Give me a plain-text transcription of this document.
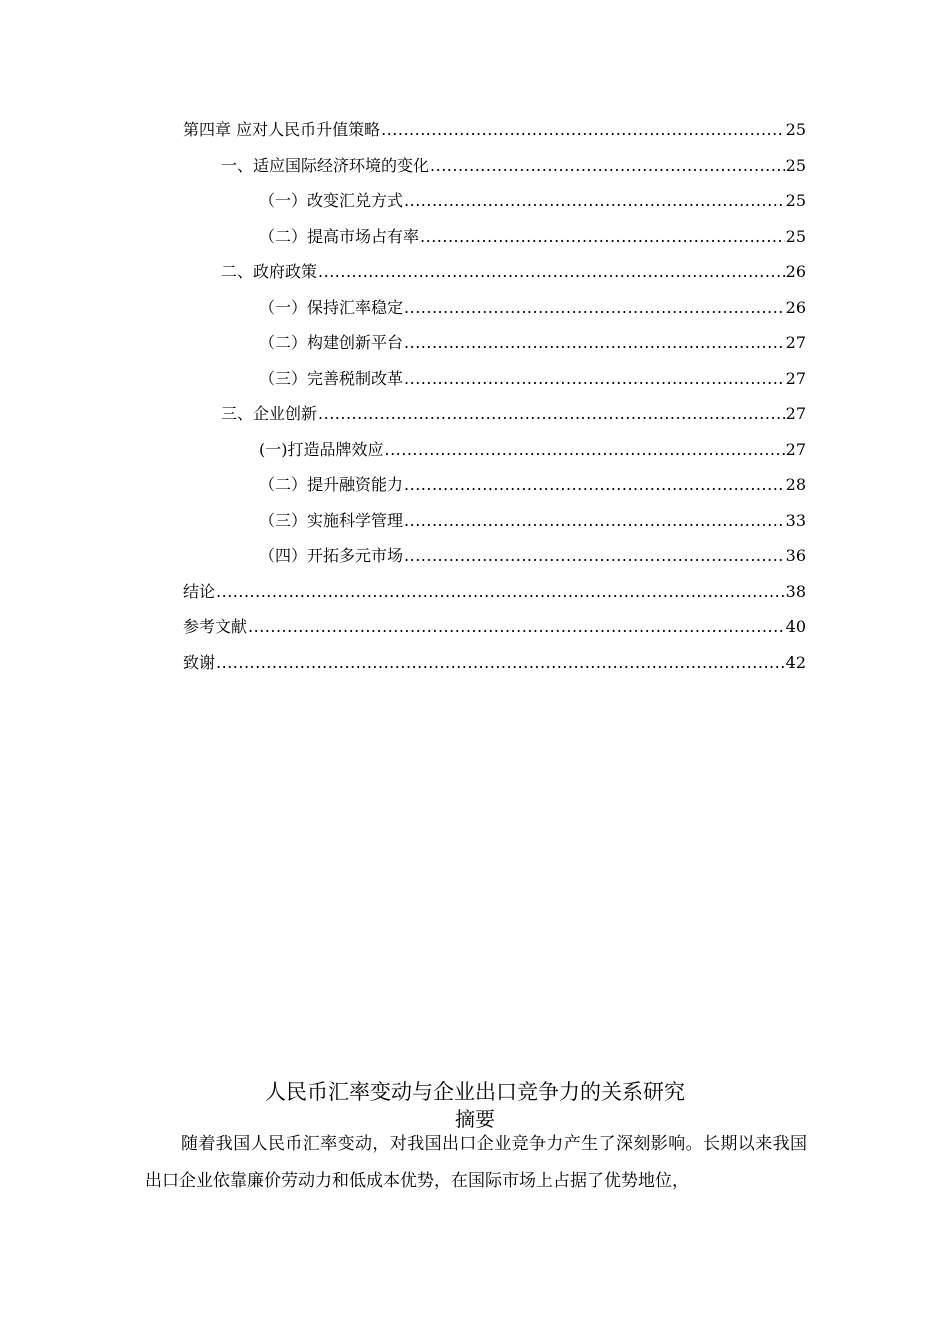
第四章 应对人民币升值策略 .....	25
一、适应国际经济环境的变化 .....	25
（一）改变汇兑方式 .....	25
（二）提高市场占有率 .....	25
二、政府政策 .....	26
（一）保持汇率稳定 .....	26
（二）构建创新平台 .....	27
（三）完善税制改革 .....	27
三、企业创新 .....	27
(一)打造品牌效应 .....	27
（二）提升融资能力 .....	28
（三）实施科学管理 .....	33
（四）开拓多元市场 .....	36
结论 .....	38
参考文献 .....	40
致谢 .....	42
人民币汇率变动与企业出口竞争力的关系研究
摘要

随着我国人民币汇率变动，对我国出口企业竞争力产生了深刻影响。长期以来我国出口企业依靠廉价劳动力和低成本优势，在国际市场上占据了优势地位，
